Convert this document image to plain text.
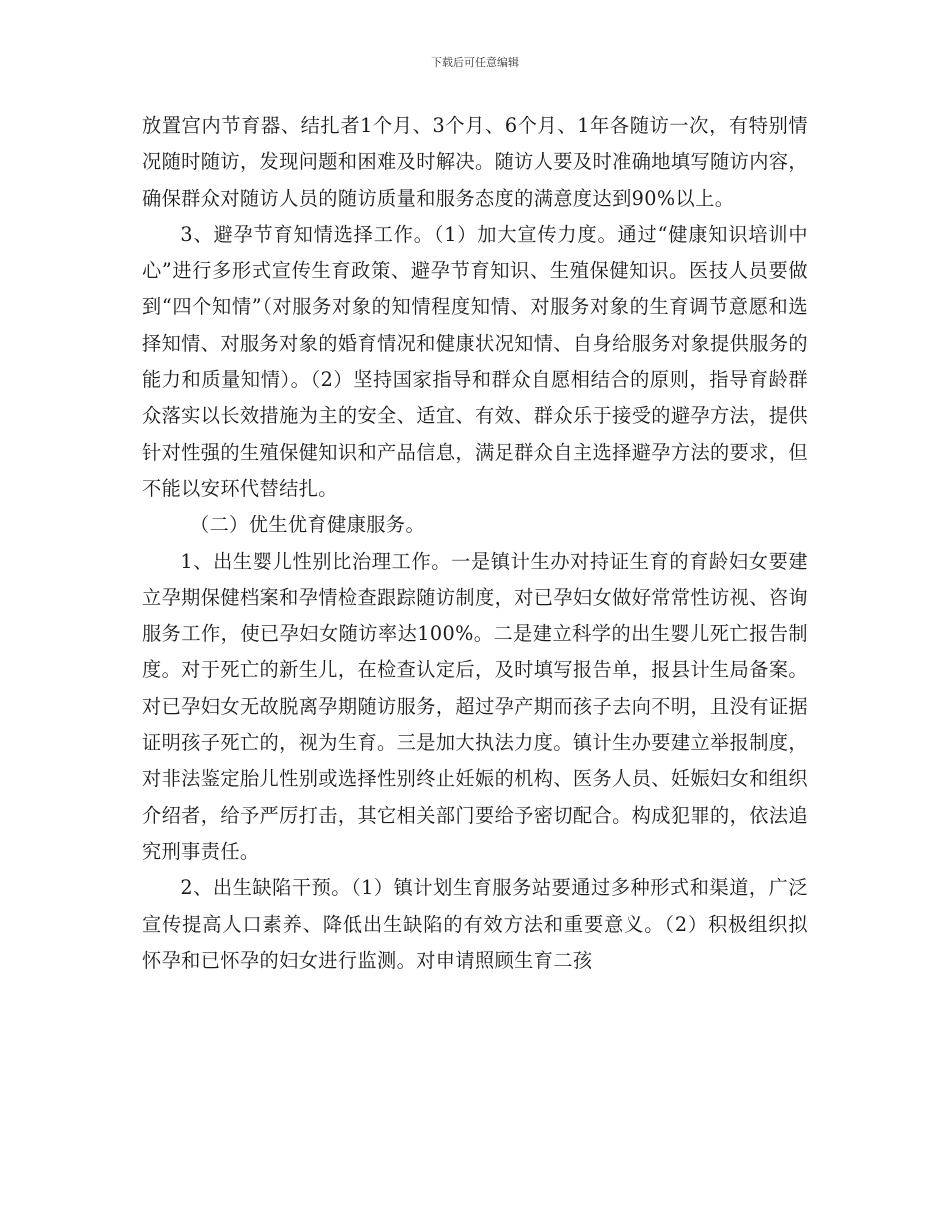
下载后可任意编辑

放置宫内节育器、结扎者1个月、3个月、6个月、1年各随访一次，有特别情况随时随访，发现问题和困难及时解决。随访人要及时准确地填写随访内容，确保群众对随访人员的随访质量和服务态度的满意度达到90%以上。

3、避孕节育知情选择工作。（1）加大宣传力度。通过“健康知识培训中心”进行多形式宣传生育政策、避孕节育知识、生殖保健知识。医技人员要做到“四个知情”（对服务对象的知情程度知情、对服务对象的生育调节意愿和选择知情、对服务对象的婚育情况和健康状况知情、自身给服务对象提供服务的能力和质量知情）。（2）坚持国家指导和群众自愿相结合的原则，指导育龄群众落实以长效措施为主的安全、适宜、有效、群众乐于接受的避孕方法，提供针对性强的生殖保健知识和产品信息，满足群众自主选择避孕方法的要求，但不能以安环代替结扎。

（二）优生优育健康服务。

1、出生婴儿性别比治理工作。一是镇计生办对持证生育的育龄妇女要建立孕期保健档案和孕情检查跟踪随访制度，对已孕妇女做好常常性访视、咨询服务工作，使已孕妇女随访率达100%。二是建立科学的出生婴儿死亡报告制度。对于死亡的新生儿，在检查认定后，及时填写报告单，报县计生局备案。对已孕妇女无故脱离孕期随访服务，超过孕产期而孩子去向不明，且没有证据证明孩子死亡的，视为生育。三是加大执法力度。镇计生办要建立举报制度，对非法鉴定胎儿性别或选择性别终止妊娠的机构、医务人员、妊娠妇女和组织介绍者，给予严厉打击，其它相关部门要给予密切配合。构成犯罪的，依法追究刑事责任。

2、出生缺陷干预。（1）镇计划生育服务站要通过多种形式和渠道，广泛宣传提高人口素养、降低出生缺陷的有效方法和重要意义。（2）积极组织拟怀孕和已怀孕的妇女进行监测。对申请照顾生育二孩
